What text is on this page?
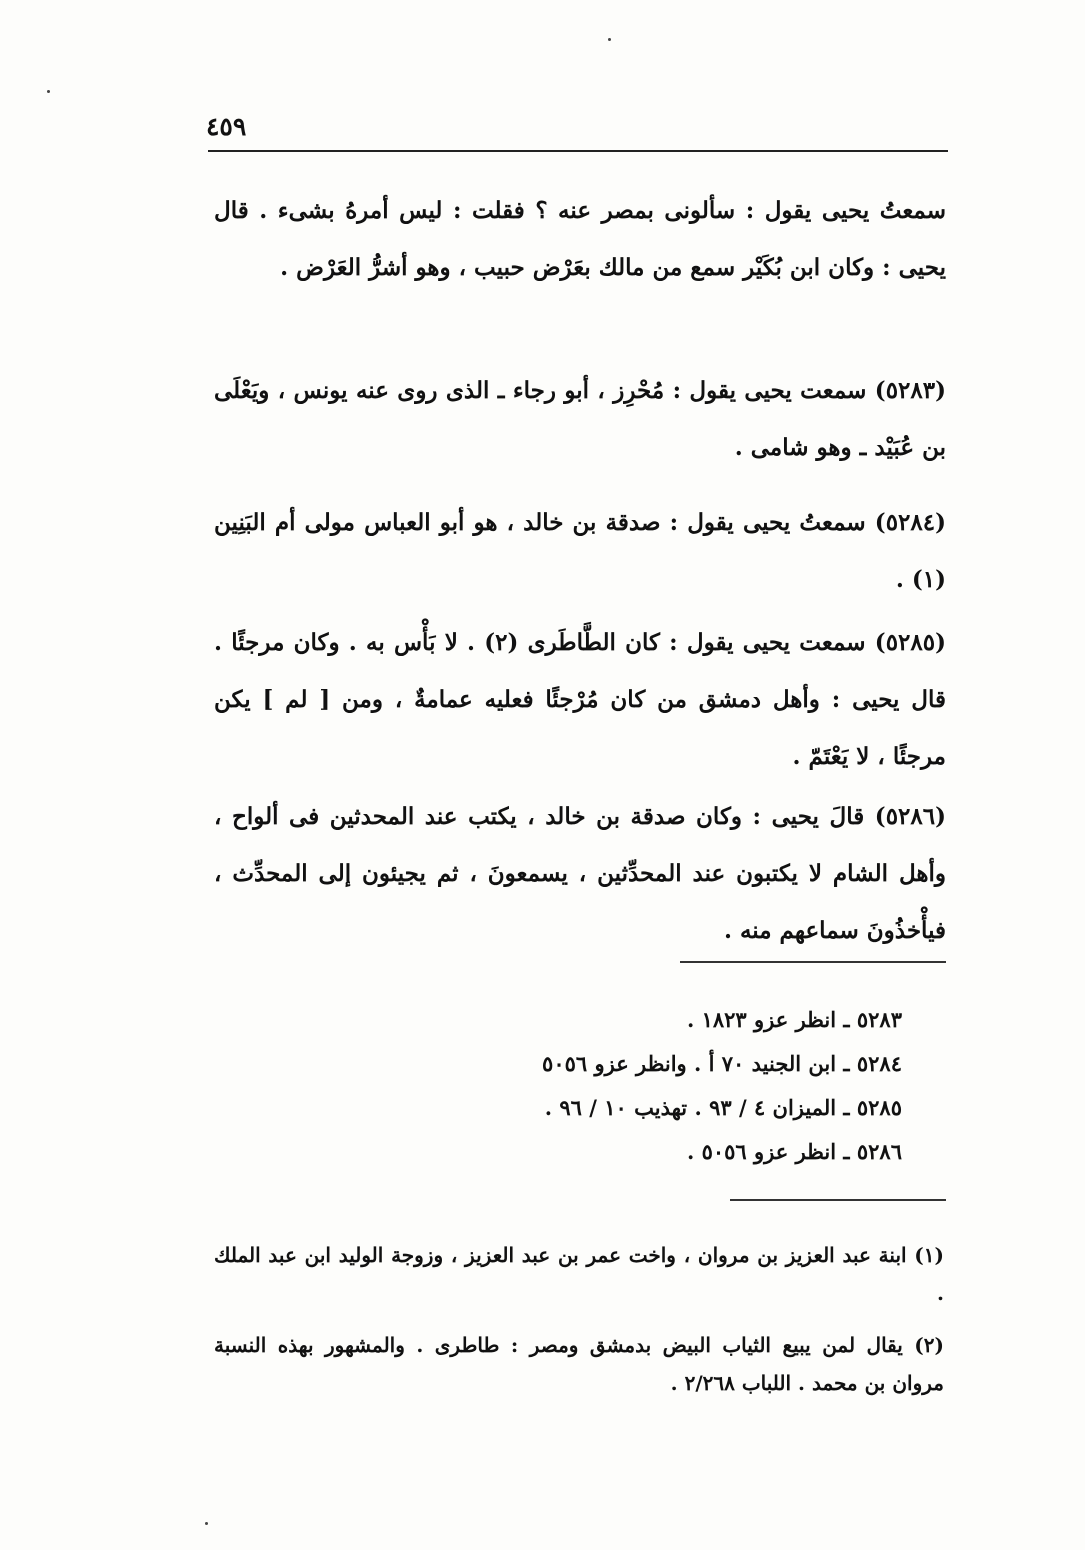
٤٥٩
سمعتُ يحيى يقول : سألونى بمصر عنه ؟ فقلت : ليس أمرهُ بشىء . قال يحيى : وكان ابن بُكَيْر سمع من مالك بعَرْض حبيب ، وهو أشرُّ العَرْض .
(٥٢٨٣) سمعت يحيى يقول : مُحْرِز ، أبو رجاء ـ الذى روى عنه يونس ، ويَعْلَى بن عُبَيْد ـ وهو شامى .
(٥٢٨٤) سمعتُ يحيى يقول : صدقة بن خالد ، هو أبو العباس مولى أم البَنِين (١) .
(٥٢٨٥) سمعت يحيى يقول : كان الطَّاطَرى (٢) . لا بَأْس به . وكان مرجئًا . قال يحيى : وأهل دمشق من كان مُرْجئًا فعليه عمامةٌ ، ومن [ لم ] يكن مرجئًا ، لا يَعْتَمّ .
(٥٢٨٦) قالَ يحيى : وكان صدقة بن خالد ، يكتب عند المحدثين فى ألواح ، وأهل الشام لا يكتبون عند المحدِّثين ، يسمعونَ ، ثم يجيئون إلى المحدِّث ، فيأْخذُونَ سماعهم منه .
٥٢٨٣ ـ انظر عزو ١٨٢٣ .
٥٢٨٤ ـ ابن الجنيد ٧٠ أ . وانظر عزو ٥٠٥٦
٥٢٨٥ ـ الميزان ٤ / ٩٣ . تهذيب ١٠ / ٩٦ .
٥٢٨٦ ـ انظر عزو ٥٠٥٦ .
(١) ابنة عبد العزيز بن مروان ، واخت عمر بن عبد العزيز ، وزوجة الوليد ابن عبد الملك .
(٢) يقال لمن يبيع الثياب البيض بدمشق ومصر : طاطرى . والمشهور بهذه النسبة مروان بن محمد . اللباب ٢/٢٦٨ .
